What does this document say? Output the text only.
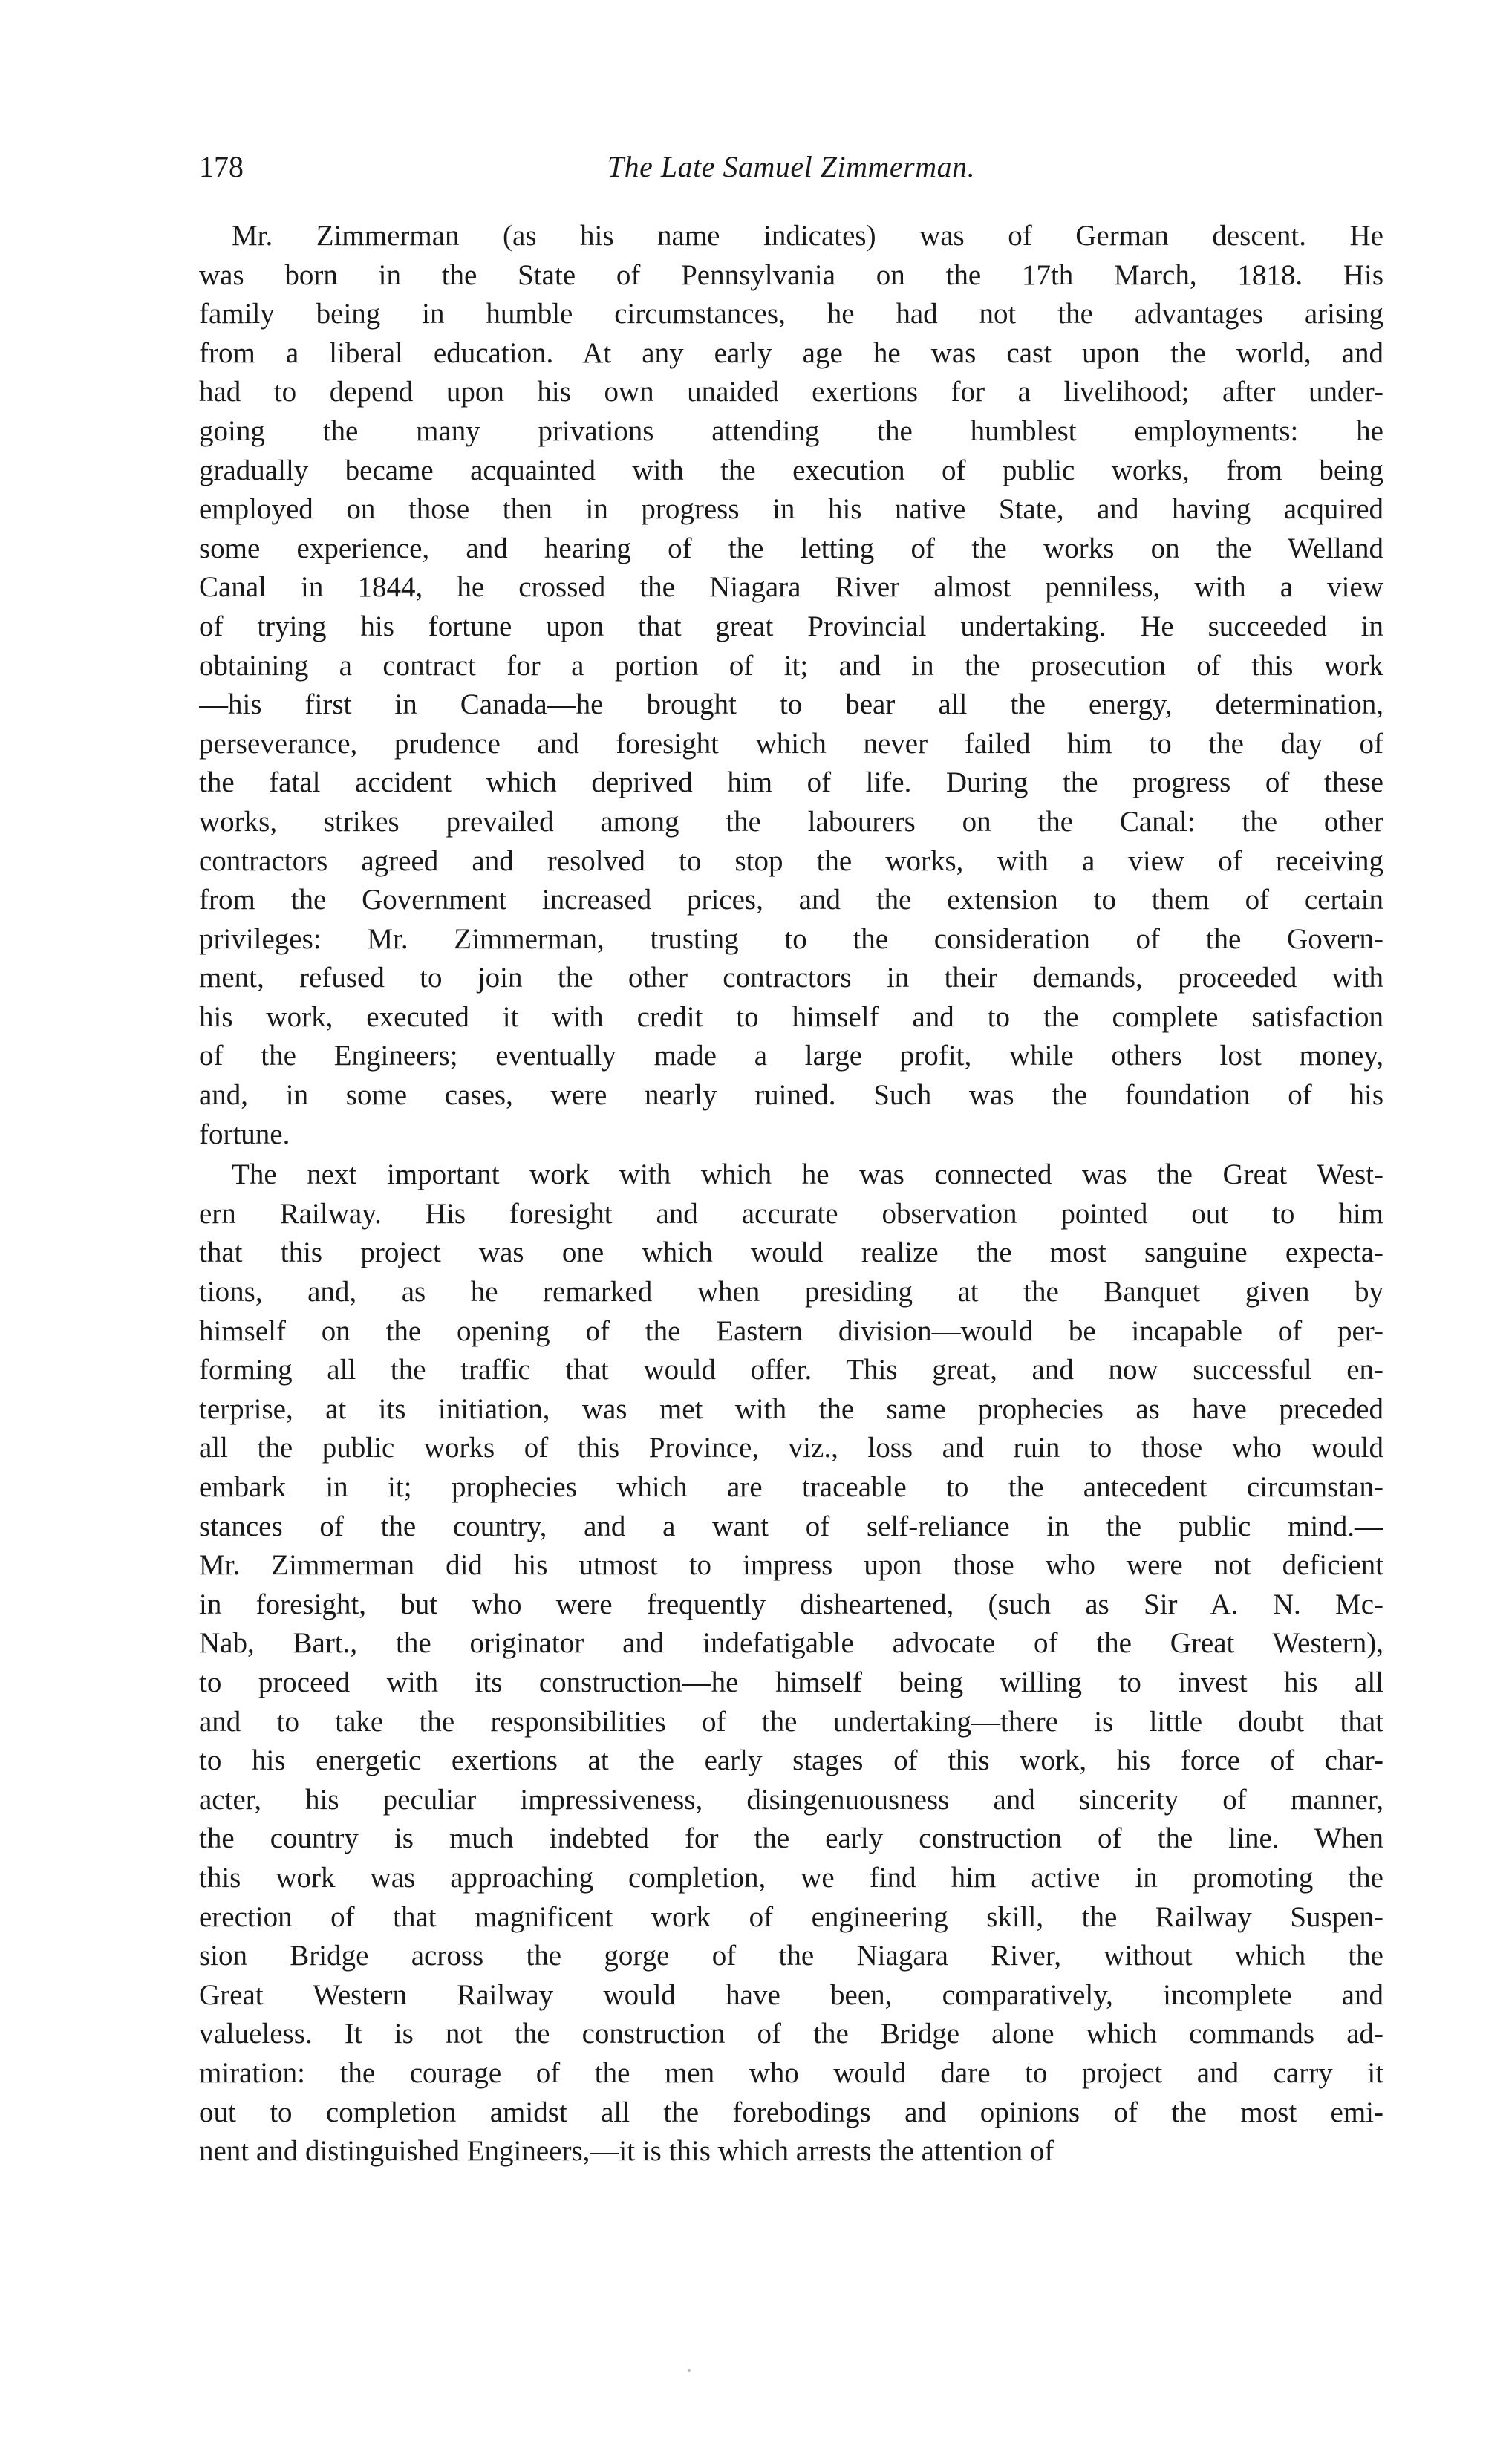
178	The Late Samuel Zimmerman.
Mr. Zimmerman (as his name indicates) was of German descent. He
was born in the State of Pennsylvania on the 17th March, 1818. His
family being in humble circumstances, he had not the advantages arising
from a liberal education. At any early age he was cast upon the world, and
had to depend upon his own unaided exertions for a livelihood; after under-
going the many privations attending the humblest employments: he
gradually became acquainted with the execution of public works, from being
employed on those then in progress in his native State, and having acquired
some experience, and hearing of the letting of the works on the Welland
Canal in 1844, he crossed the Niagara River almost penniless, with a view
of trying his fortune upon that great Provincial undertaking. He succeeded in
obtaining a contract for a portion of it; and in the prosecution of this work
—his first in Canada—he brought to bear all the energy, determination,
perseverance, prudence and foresight which never failed him to the day of
the fatal accident which deprived him of life. During the progress of these
works, strikes prevailed among the labourers on the Canal: the other
contractors agreed and resolved to stop the works, with a view of receiving
from the Government increased prices, and the extension to them of certain
privileges: Mr. Zimmerman, trusting to the consideration of the Govern-
ment, refused to join the other contractors in their demands, proceeded with
his work, executed it with credit to himself and to the complete satisfaction
of the Engineers; eventually made a large profit, while others lost money,
and, in some cases, were nearly ruined. Such was the foundation of his
fortune.
The next important work with which he was connected was the Great West-
ern Railway. His foresight and accurate observation pointed out to him
that this project was one which would realize the most sanguine expecta-
tions, and, as he remarked when presiding at the Banquet given by
himself on the opening of the Eastern division—would be incapable of per-
forming all the traffic that would offer. This great, and now successful en-
terprise, at its initiation, was met with the same prophecies as have preceded
all the public works of this Province, viz., loss and ruin to those who would
embark in it; prophecies which are traceable to the antecedent circumstan-
stances of the country, and a want of self-reliance in the public mind.—
Mr. Zimmerman did his utmost to impress upon those who were not deficient
in foresight, but who were frequently disheartened, (such as Sir A. N. Mc-
Nab, Bart., the originator and indefatigable advocate of the Great Western),
to proceed with its construction—he himself being willing to invest his all
and to take the responsibilities of the undertaking—there is little doubt that
to his energetic exertions at the early stages of this work, his force of char-
acter, his peculiar impressiveness, disingenuousness and sincerity of manner,
the country is much indebted for the early construction of the line. When
this work was approaching completion, we find him active in promoting the
erection of that magnificent work of engineering skill, the Railway Suspen-
sion Bridge across the gorge of the Niagara River, without which the
Great Western Railway would have been, comparatively, incomplete and
valueless. It is not the construction of the Bridge alone which commands ad-
miration: the courage of the men who would dare to project and carry it
out to completion amidst all the forebodings and opinions of the most emi-
nent and distinguished Engineers,—it is this which arrests the attention of
